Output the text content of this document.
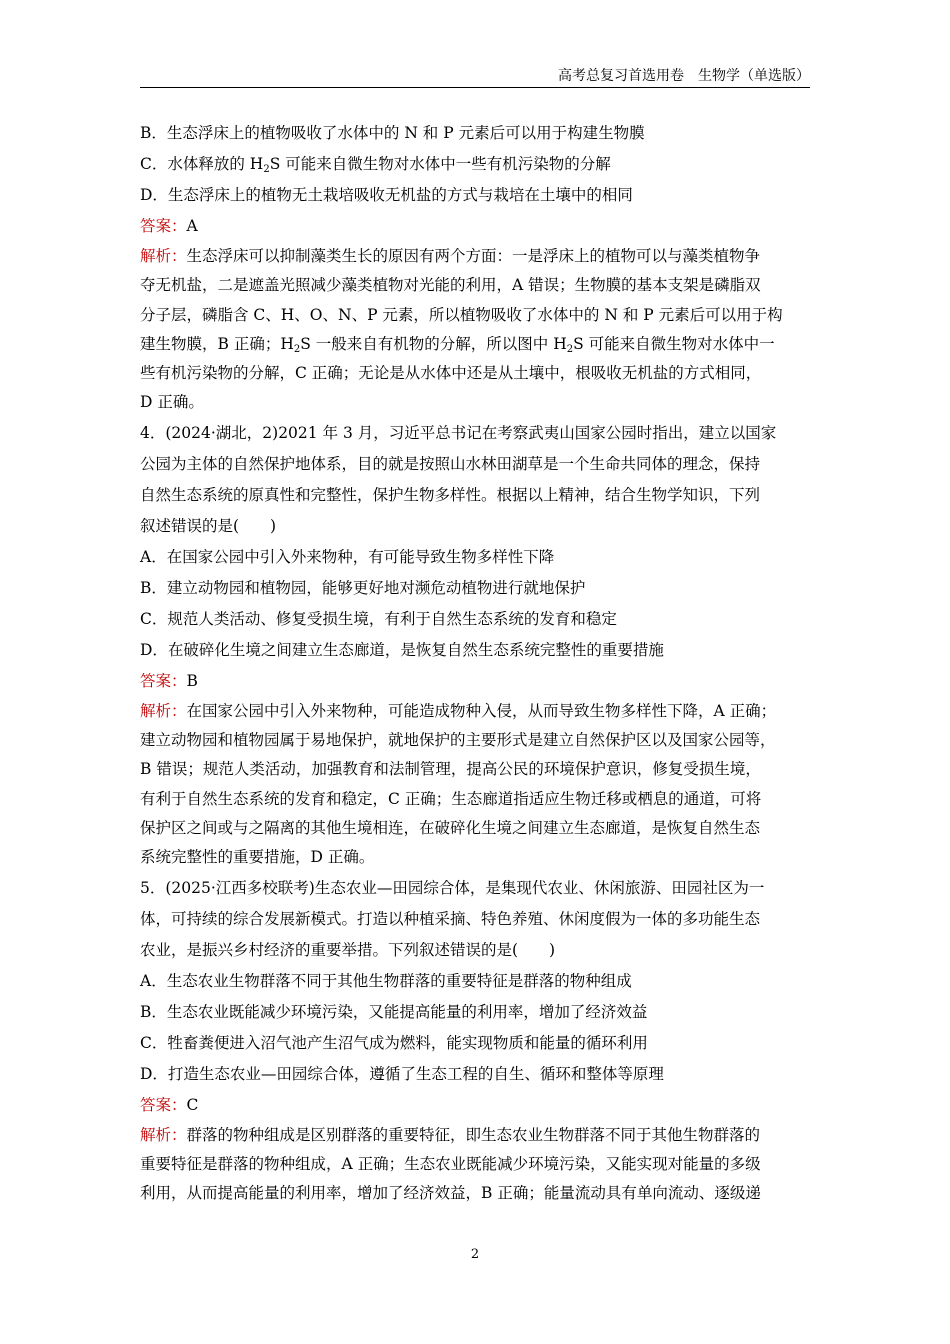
高考总复习首选用卷　生物学（单选版）
B．生态浮床上的植物吸收了水体中的 N 和 P 元素后可以用于构建生物膜
C．水体释放的 $H_2S$ 可能来自微生物对水体中一些有机污染物的分解
D．生态浮床上的植物无土栽培吸收无机盐的方式与栽培在土壤中的相同
答案：A
解析：生态浮床可以抑制藻类生长的原因有两个方面：一是浮床上的植物可以与藻类植物争
夺无机盐，二是遮盖光照减少藻类植物对光能的利用，A 错误；生物膜的基本支架是磷脂双
分子层，磷脂含 C、H、O、N、P 元素，所以植物吸收了水体中的 N 和 P 元素后可以用于构
建生物膜，B 正确；$H_2S$ 一般来自有机物的分解，所以图中 $H_2S$ 可能来自微生物对水体中一
些有机污染物的分解，C 正确；无论是从水体中还是从土壤中，根吸收无机盐的方式相同，
D 正确。
4．(2024·湖北，2)2021 年 3 月，习近平总书记在考察武夷山国家公园时指出，建立以国家
公园为主体的自然保护地体系，目的就是按照山水林田湖草是一个生命共同体的理念，保持
自然生态系统的原真性和完整性，保护生物多样性。根据以上精神，结合生物学知识，下列
叙述错误的是(　　)
A．在国家公园中引入外来物种，有可能导致生物多样性下降
B．建立动物园和植物园，能够更好地对濒危动植物进行就地保护
C．规范人类活动、修复受损生境，有利于自然生态系统的发育和稳定
D．在破碎化生境之间建立生态廊道，是恢复自然生态系统完整性的重要措施
答案：B
解析：在国家公园中引入外来物种，可能造成物种入侵，从而导致生物多样性下降，A 正确；
建立动物园和植物园属于易地保护，就地保护的主要形式是建立自然保护区以及国家公园等，
B 错误；规范人类活动，加强教育和法制管理，提高公民的环境保护意识，修复受损生境，
有利于自然生态系统的发育和稳定，C 正确；生态廊道指适应生物迁移或栖息的通道，可将
保护区之间或与之隔离的其他生境相连，在破碎化生境之间建立生态廊道，是恢复自然生态
系统完整性的重要措施，D 正确。
5．(2025·江西多校联考)生态农业—田园综合体，是集现代农业、休闲旅游、田园社区为一
体，可持续的综合发展新模式。打造以种植采摘、特色养殖、休闲度假为一体的多功能生态
农业，是振兴乡村经济的重要举措。下列叙述错误的是(　　)
A．生态农业生物群落不同于其他生物群落的重要特征是群落的物种组成
B．生态农业既能减少环境污染，又能提高能量的利用率，增加了经济效益
C．牲畜粪便进入沼气池产生沼气成为燃料，能实现物质和能量的循环利用
D．打造生态农业—田园综合体，遵循了生态工程的自生、循环和整体等原理
答案：C
解析：群落的物种组成是区别群落的重要特征，即生态农业生物群落不同于其他生物群落的
重要特征是群落的物种组成，A 正确；生态农业既能减少环境污染，又能实现对能量的多级
利用，从而提高能量的利用率，增加了经济效益，B 正确；能量流动具有单向流动、逐级递
2
